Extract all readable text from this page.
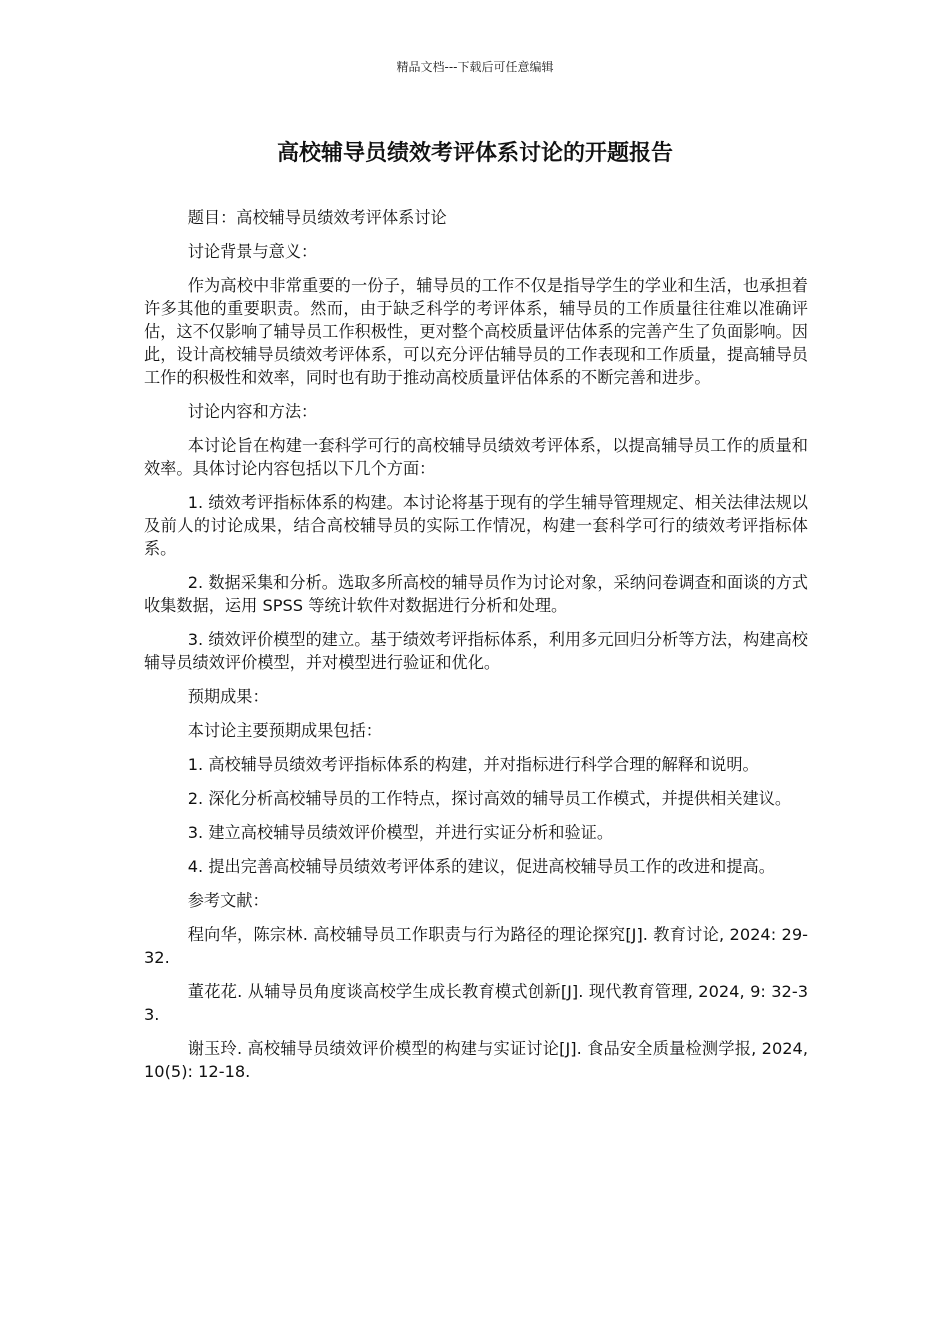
精品文档---下载后可任意编辑
高校辅导员绩效考评体系讨论的开题报告

题目：高校辅导员绩效考评体系讨论

讨论背景与意义：

作为高校中非常重要的一份子，辅导员的工作不仅是指导学生的学业和生活，也承担着许多其他的重要职责。然而，由于缺乏科学的考评体系，辅导员的工作质量往往难以准确评估，这不仅影响了辅导员工作积极性，更对整个高校质量评估体系的完善产生了负面影响。因此，设计高校辅导员绩效考评体系，可以充分评估辅导员的工作表现和工作质量，提高辅导员工作的积极性和效率，同时也有助于推动高校质量评估体系的不断完善和进步。

讨论内容和方法：

本讨论旨在构建一套科学可行的高校辅导员绩效考评体系，以提高辅导员工作的质量和效率。具体讨论内容包括以下几个方面：

1. 绩效考评指标体系的构建。本讨论将基于现有的学生辅导管理规定、相关法律法规以及前人的讨论成果，结合高校辅导员的实际工作情况，构建一套科学可行的绩效考评指标体系。

2. 数据采集和分析。选取多所高校的辅导员作为讨论对象，采纳问卷调查和面谈的方式收集数据，运用 SPSS 等统计软件对数据进行分析和处理。

3. 绩效评价模型的建立。基于绩效考评指标体系，利用多元回归分析等方法，构建高校辅导员绩效评价模型，并对模型进行验证和优化。

预期成果：

本讨论主要预期成果包括：

1. 高校辅导员绩效考评指标体系的构建，并对指标进行科学合理的解释和说明。

2. 深化分析高校辅导员的工作特点，探讨高效的辅导员工作模式，并提供相关建议。

3. 建立高校辅导员绩效评价模型，并进行实证分析和验证。

4. 提出完善高校辅导员绩效考评体系的建议，促进高校辅导员工作的改进和提高。

参考文献：

程向华，陈宗林. 高校辅导员工作职责与行为路径的理论探究[J]. 教育讨论, 2024: 29-32.

董花花. 从辅导员角度谈高校学生成长教育模式创新[J]. 现代教育管理, 2024, 9: 32-33.

谢玉玲. 高校辅导员绩效评价模型的构建与实证讨论[J]. 食品安全质量检测学报, 2024, 10(5): 12-18.
